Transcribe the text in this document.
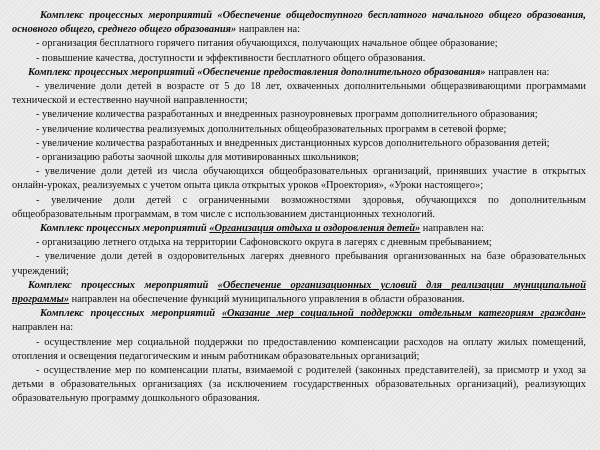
Комплекс процессных мероприятий «Обеспечение общедоступного бесплатного начального общего образования, основного общего, среднего общего образования» направлен на:

- организация бесплатного горячего питания обучающихся, получающих начальное общее образование;

- повышение качества, доступности и эффективности бесплатного общего образования.

Комплекс процессных мероприятий «Обеспечение предоставления дополнительного образования» направлен на:

- увеличение доли детей в возрасте от 5 до 18 лет, охваченных дополнительными общеразвивающими программами технической и естественно научной направленности;

- увеличение количества разработанных и внедренных разноуровневых программ дополнительного образования;

- увеличение количества реализуемых дополнительных общеобразовательных программ в сетевой форме;

- увеличение количества разработанных и внедренных дистанционных курсов дополнительного образования детей;

- организацию работы заочной школы для мотивированных школьников;

- увеличение доли детей из числа обучающихся общеобразовательных организаций, принявших участие в открытых онлайн-уроках, реализуемых с учетом опыта цикла открытых уроков «Проектория», «Уроки настоящего»;

- увеличение доли детей с ограниченными возможностями здоровья, обучающихся по дополнительным общеобразовательным программам, в том числе с использованием дистанционных технологий.

Комплекс процессных мероприятий «Организация отдыха и оздоровления детей» направлен на:

- организацию летнего отдыха на территории Сафоновского округа в лагерях с дневным пребыванием;

- увеличение доли детей в оздоровительных лагерях дневного пребывания организованных на базе образовательных учреждений;

Комплекс процессных мероприятий «Обеспечение организационных условий для реализации муниципальной программы» направлен на обеспечение функций муниципального управления в области образования.

Комплекс процессных мероприятий «Оказание мер социальной поддержки отдельным категориям граждан» направлен на:

- осуществление мер социальной поддержки по предоставлению компенсации расходов на оплату жилых помещений, отопления и освещения педагогическим и иным работникам образовательных организаций;

- осуществление мер по компенсации платы, взимаемой с родителей (законных представителей), за присмотр и уход за детьми в образовательных организациях (за исключением государственных образовательных организаций), реализующих образовательную программу дошкольного образования.
